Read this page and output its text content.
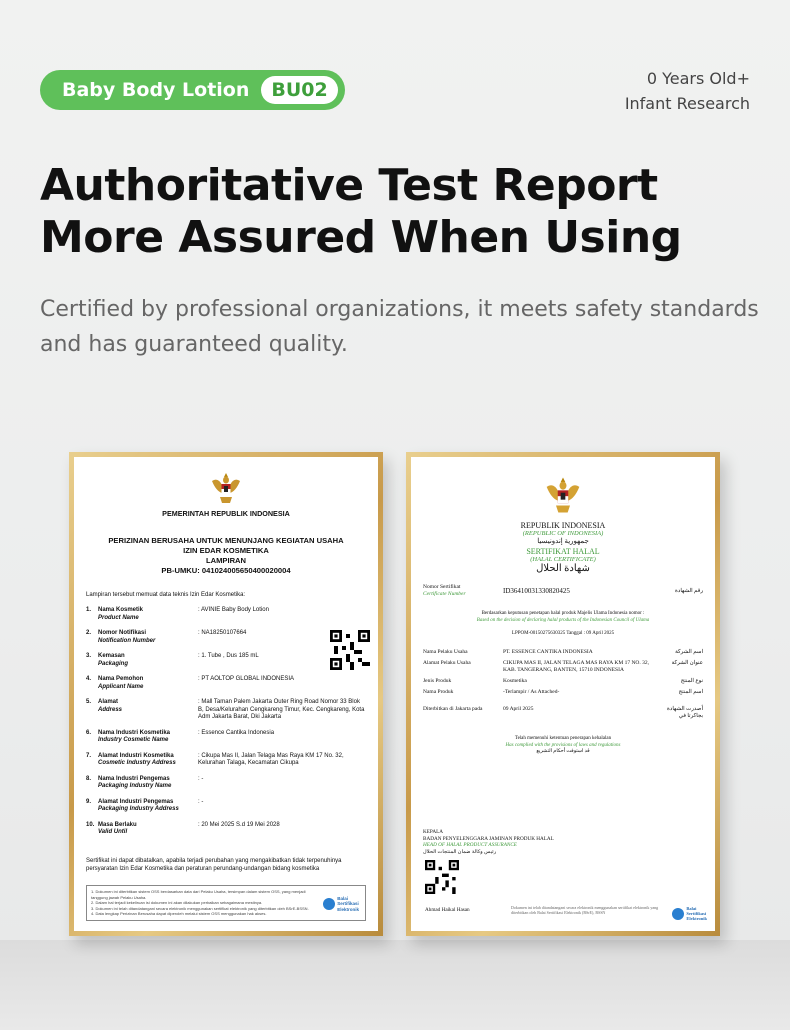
Baby Body Lotion	BU02
0 Years Old+
Infant Research
Authoritative Test Report
More Assured When Using

Certified by professional organizations, it meets safety standards and has guaranteed quality.

PEMERINTAH REPUBLIK INDONESIA
PERIZINAN BERUSAHA UNTUK MENUNJANG KEGIATAN USAHA
IZIN EDAR KOSMETIKA
LAMPIRAN
PB-UMKU: 041024005650400020004
Lampiran tersebut memuat data teknis Izin Edar Kosmetika:
1.	Nama Kosmetik
Product Name
: AVINIE Baby Body Lotion
2.	Nomor Notifikasi
Notification Number
: NA18250107664
3.	Kemasan
Packaging
: 1. Tube , Dus 185 mL
4.	Nama Pemohon
Applicant Name
: PT AOLTOP GLOBAL INDONESIA
5.	Alamat
Address
: Mall Taman Palem Jakarta Outer Ring Road Nomor 33 Blok B, Desa/Kelurahan Cengkareng Timur, Kec. Cengkareng, Kota Adm Jakarta Barat, Dki Jakarta
6.	Nama Industri Kosmetika
Industry Cosmetic Name
: Essence Cantika Indonesia
7.	Alamat Industri Kosmetika
Cosmetic Industry Address
: Cikupa Mas II, Jalan Telaga Mas Raya KM 17 No. 32, Kelurahan Talaga, Kecamatan Cikupa
8.	Nama Industri Pengemas
Packaging Industry Name
: -
9.	Alamat Industri Pengemas
Packaging Industry Address
: -
10. Masa Berlaku
Valid Until
: 20 Mei 2025 S.d 19 Mei 2028
Sertifikat ini dapat dibatalkan, apabila terjadi perubahan yang mengakibatkan tidak terpenuhinya persyaratan Izin Edar Kosmetika dan peraturan perundang-undangan bidang kosmetika
1. Dokumen ini diterbitkan sistem OSS berdasarkan data dari Pelaku Usaha, tersimpan dalam sistem OSS, yang menjadi tanggung jawab Pelaku Usaha.
2. Dalam hal terjadi kekeliruan isi dokumen ini akan dilakukan perbaikan sebagaimana mestinya.
3. Dokumen ini telah ditandatangani secara elektronik menggunakan sertifikat elektronik yang diterbitkan oleh BSrE-BSSN.
4. Data lengkap Perizinan Berusaha dapat diperoleh melalui sistem OSS menggunakan hak akses.
Balai
Sertifikasi
Elektronik
REPUBLIK INDONESIA
(REPUBLIC OF INDONESIA)
جمهورية إندونيسيا
SERTIFIKAT HALAL
(HALAL CERTIFICATE)
شهادة الحلال
Nomor Sertifikat
Certificate Number	ID36410031330820425	رقم الشهادة
Berdasarkan keputusan penetapan halal produk Majelis Ulama Indonesia nomor :
Based on the decision of declaring halal products of the Indonesian Council of Ulama
LPPOM-00150275630325 Tanggal : 09 April 2025
Nama Pelaku Usaha	PT. ESSENCE CANTIKA INDONESIA	اسم الشركة
Alamat Pelaku Usaha	CIKUPA MAS II, JALAN TELAGA MAS RAYA KM 17 NO. 32, KAB. TANGERANG, BANTEN, 15710 INDONESIA
عنوان الشركة
Jenis Produk	Kosmetika	نوع المنتج
Nama Produk	-Terlampir / As Attached-	اسم المنتج
Diterbitkan di Jakarta pada	09 April 2025	أصدرت الشهادة بجاكرتا في
Telah memenuhi ketentuan penerapan kehalalan
Has complied with the provisions of laws and regulations
قد استوفت أحكام التشريع
KEPALA
BADAN PENYELENGGARA JAMINAN PRODUK HALAL
HEAD OF HALAL PRODUCT ASSURANCE
رئيس وكالة ضمان المنتجات الحلال
Ahmad Haikal Hasan	Dokumen ini telah ditandatangani secara elektronik menggunakan sertifikat elektronik yang diterbitkan oleh Balai Sertifikasi Elektronik (BSrE), BSSN
Balai
Sertifikasi
Elektronik
